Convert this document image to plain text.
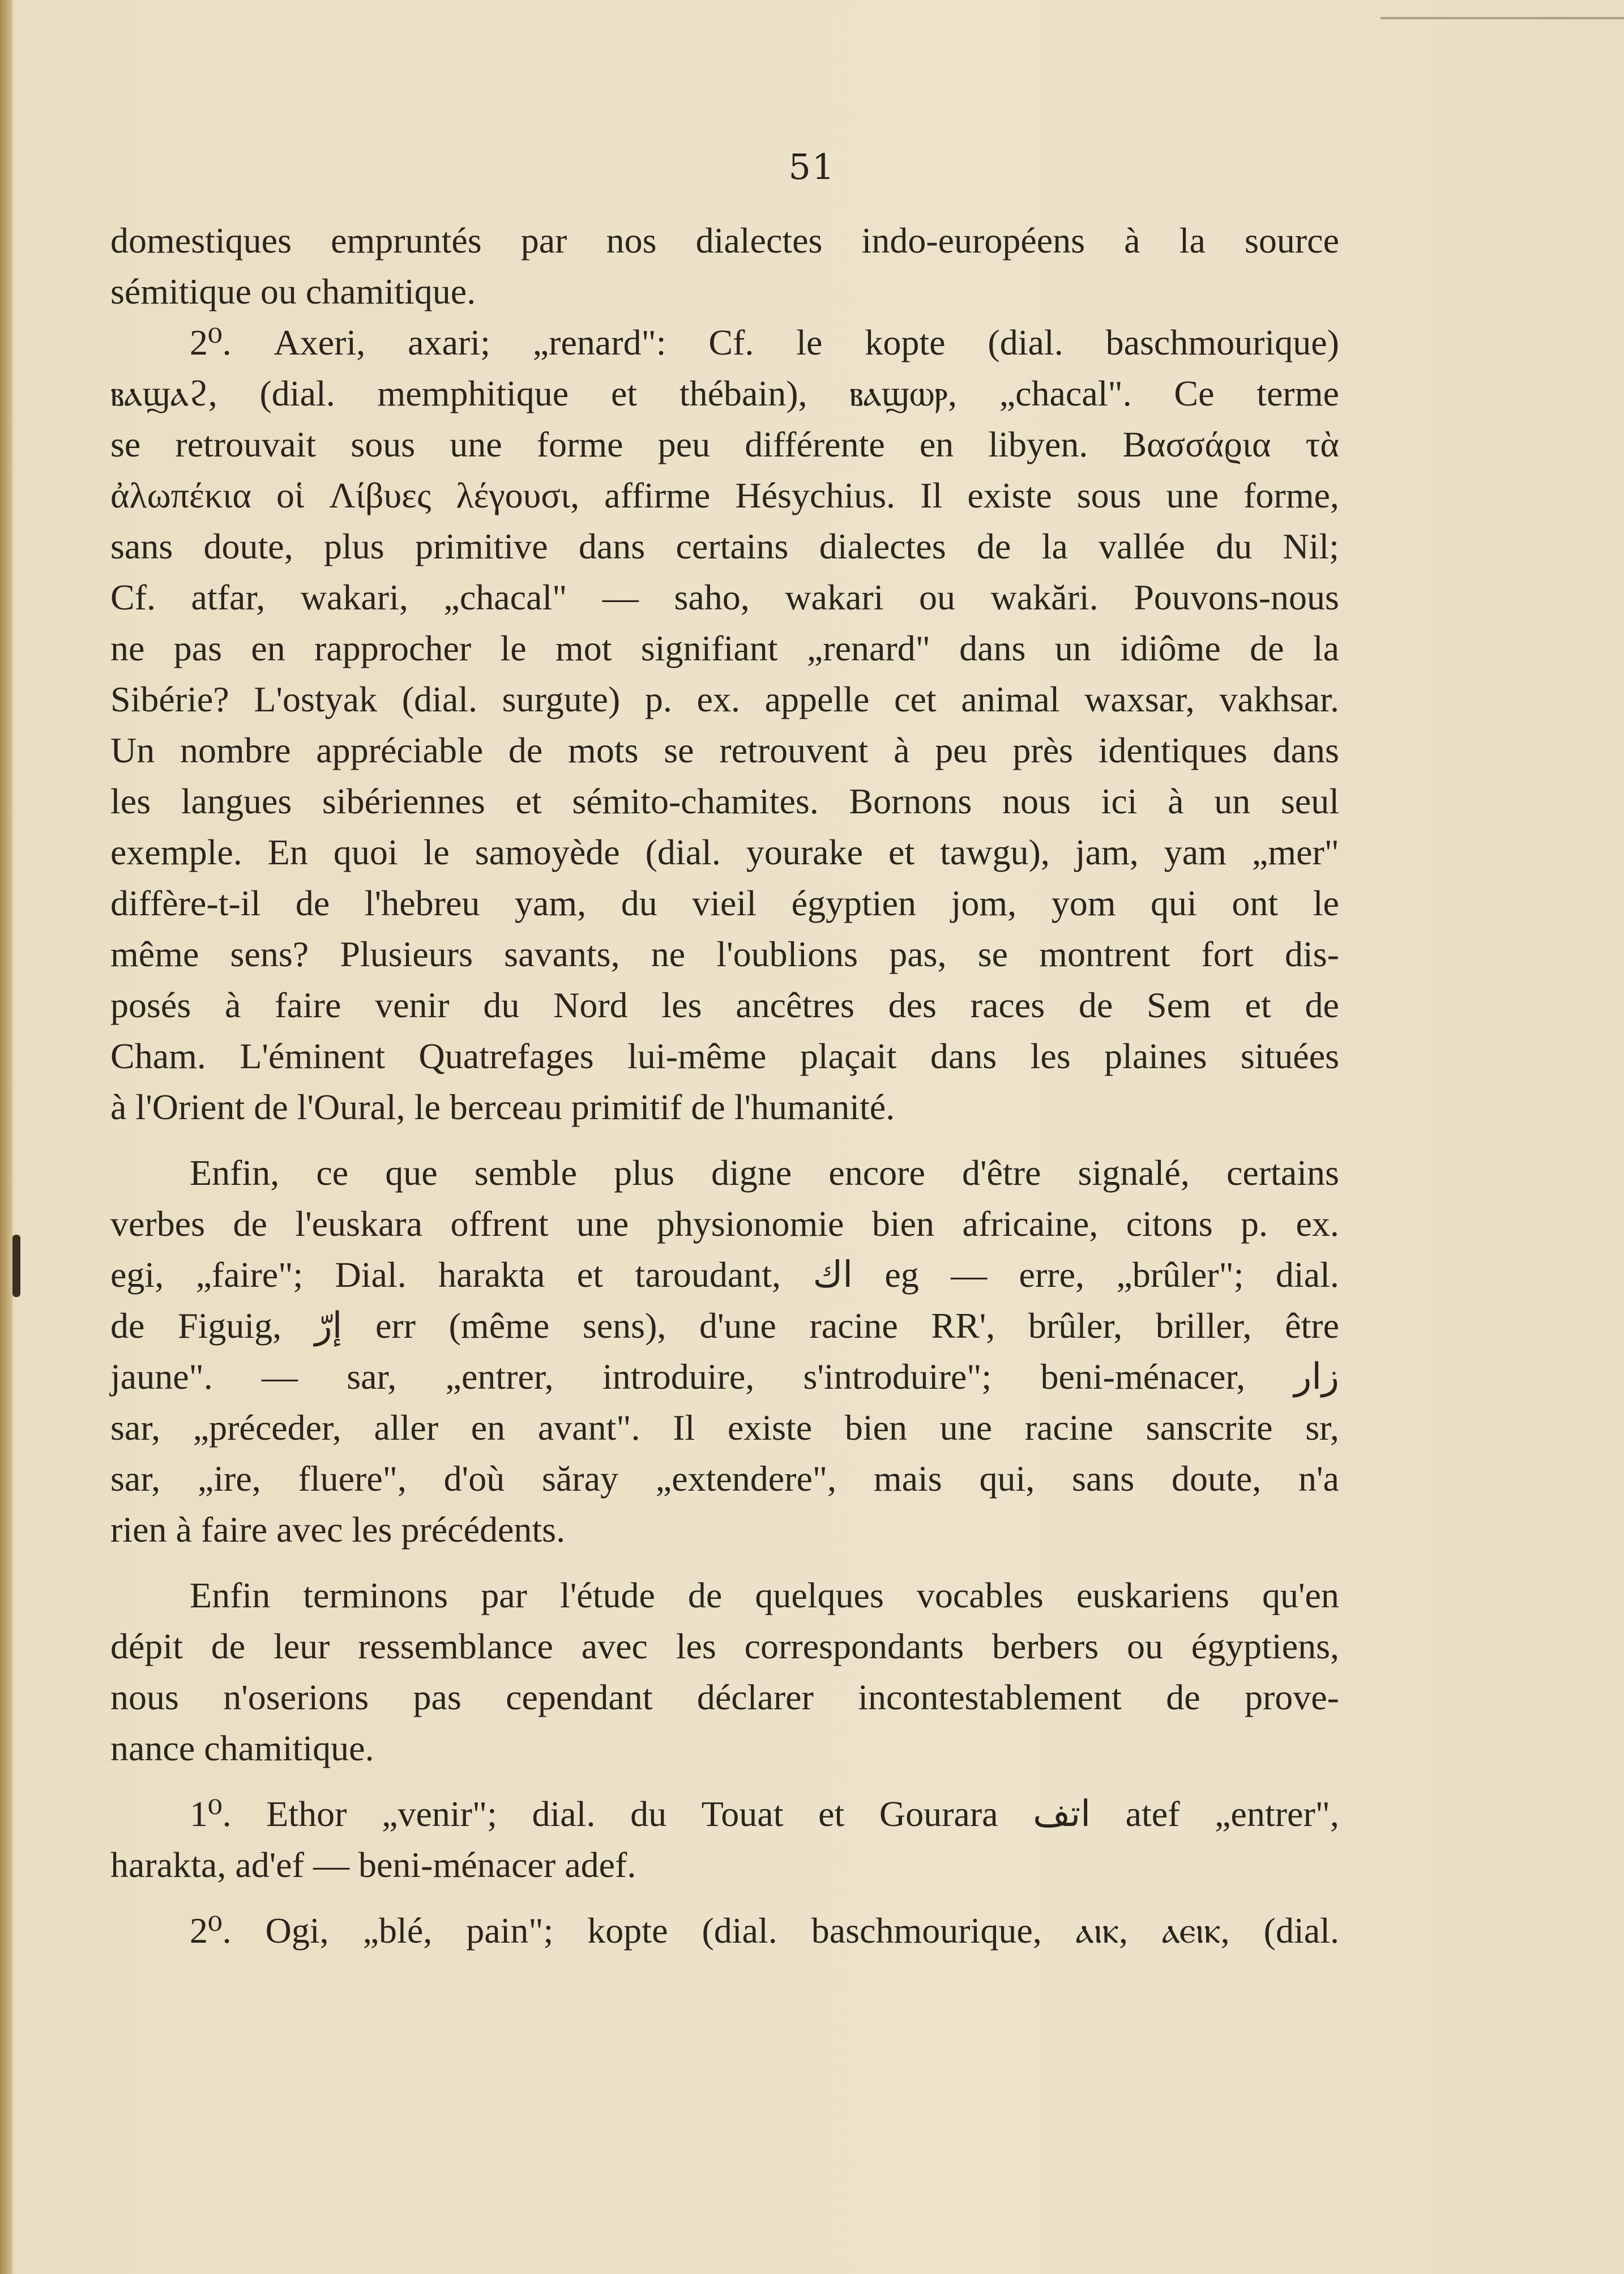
51
domestiques empruntés par nos dialectes indo-européens à la source
sémitique ou chamitique.
2⁰. Axeri, axari; „renard": Cf. le kopte (dial. baschmourique)
ⲃⲁϣⲁϩ, (dial. memphitique et thébain), ⲃⲁϣⲱⲣ, „chacal". Ce terme
se retrouvait sous une forme peu différente en libyen. Βασσάϱια τὰ
ἀλωπέκια οἱ Λίβυες λέγουσι, affirme Hésychius. Il existe sous une forme,
sans doute, plus primitive dans certains dialectes de la vallée du Nil;
Cf. atfar, wakari, „chacal" — saho, wakari ou wakări. Pouvons-nous
ne pas en rapprocher le mot signifiant „renard" dans un idiôme de la
Sibérie? L'ostyak (dial. surgute) p. ex. appelle cet animal waxsar, vakhsar.
Un nombre appréciable de mots se retrouvent à peu près identiques dans
les langues sibériennes et sémito-chamites. Bornons nous ici à un seul
exemple. En quoi le samoyède (dial. yourake et tawgu), jam, yam „mer"
diffère-t-il de l'hebreu yam, du vieil égyptien jom, yom qui ont le
même sens? Plusieurs savants, ne l'oublions pas, se montrent fort dis-
posés à faire venir du Nord les ancêtres des races de Sem et de
Cham. L'éminent Quatrefages lui-même plaçait dans les plaines situées
à l'Orient de l'Oural, le berceau primitif de l'humanité.
Enfin, ce que semble plus digne encore d'être signalé, certains
verbes de l'euskara offrent une physionomie bien africaine, citons p. ex.
egi, „faire"; Dial. harakta et taroudant, اك eg — erre, „brûler"; dial.
de Figuig, إرّ err (même sens), d'une racine RR', brûler, briller, être
jaune". — sar, „entrer, introduire, s'introduire"; beni-ménacer, زار
sar, „préceder, aller en avant". Il existe bien une racine sanscrite sr,
sar, „ire, fluere", d'où săray „extendere", mais qui, sans doute, n'a
rien à faire avec les précédents.
Enfin terminons par l'étude de quelques vocables euskariens qu'en
dépit de leur ressemblance avec les correspondants berbers ou égyptiens,
nous n'oserions pas cependant déclarer incontestablement de prove-
nance chamitique.
1⁰. Ethor „venir"; dial. du Touat et Gourara اتف atef „entrer",
harakta, ad'ef — beni-ménacer adef.
2⁰. Ogi, „blé, pain"; kopte (dial. baschmourique, ⲁⲓⲕ, ⲁⲉⲓⲕ, (dial.
